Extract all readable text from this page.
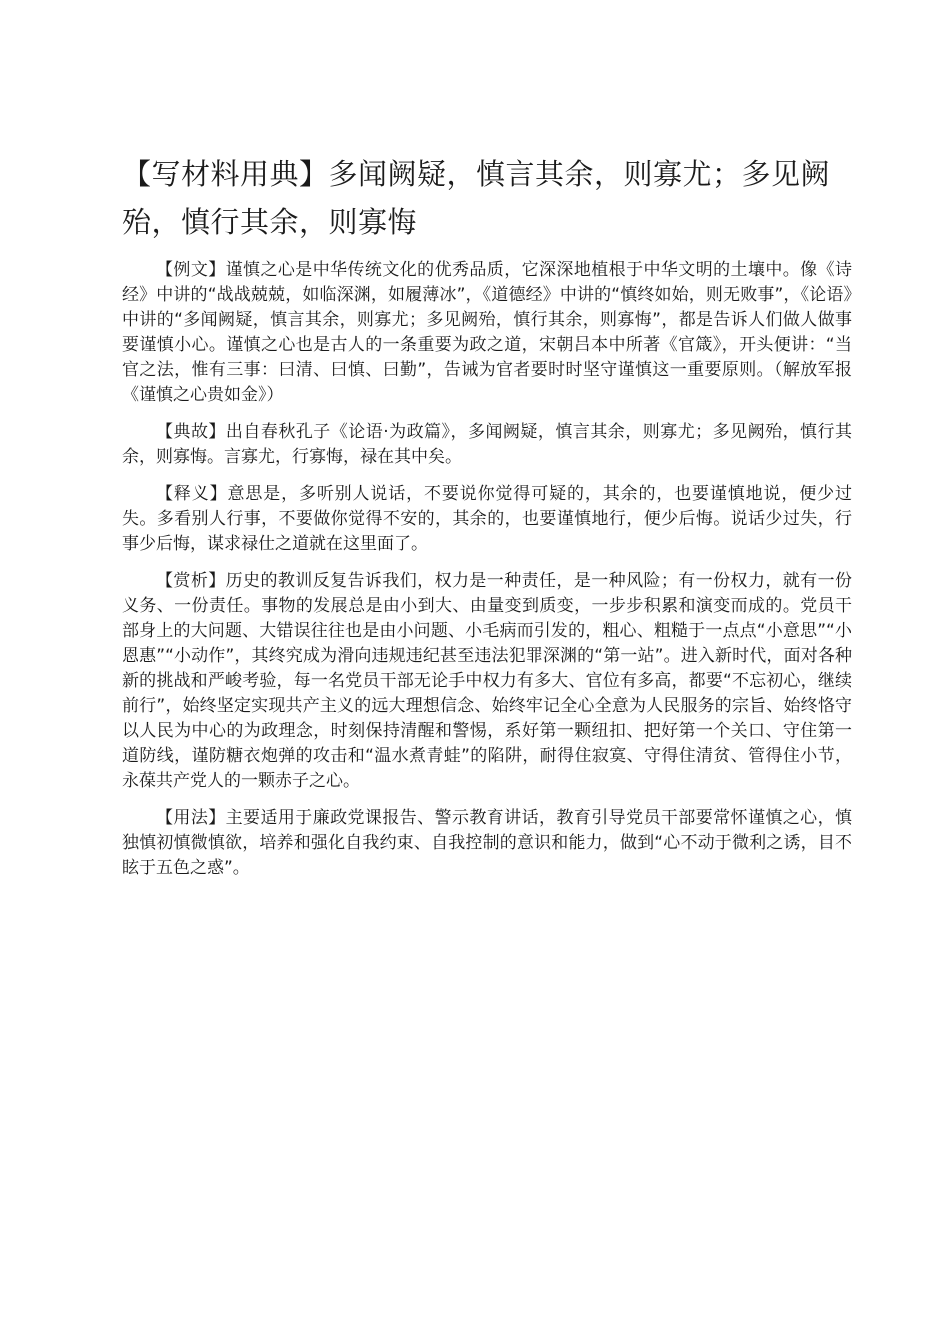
【写材料用典】多闻阙疑，慎言其余，则寡尤；多见阙殆，慎行其余，则寡悔

【例文】谨慎之心是中华传统文化的优秀品质，它深深地植根于中华文明的土壤中。像《诗经》中讲的“战战兢兢，如临深渊，如履薄冰”，《道德经》中讲的“慎终如始，则无败事”，《论语》中讲的“多闻阙疑，慎言其余，则寡尤；多见阙殆，慎行其余，则寡悔”，都是告诉人们做人做事要谨慎小心。谨慎之心也是古人的一条重要为政之道，宋朝吕本中所著《官箴》，开头便讲：“当官之法，惟有三事：曰清、曰慎、曰勤”，告诫为官者要时时坚守谨慎这一重要原则。（解放军报《谨慎之心贵如金》）

【典故】出自春秋孔子《论语·为政篇》，多闻阙疑，慎言其余，则寡尤；多见阙殆，慎行其余，则寡悔。言寡尤，行寡悔，禄在其中矣。

【释义】意思是，多听别人说话，不要说你觉得可疑的，其余的，也要谨慎地说，便少过失。多看别人行事，不要做你觉得不安的，其余的，也要谨慎地行，便少后悔。说话少过失，行事少后悔，谋求禄仕之道就在这里面了。

【赏析】历史的教训反复告诉我们，权力是一种责任，是一种风险；有一份权力，就有一份义务、一份责任。事物的发展总是由小到大、由量变到质变，一步步积累和演变而成的。党员干部身上的大问题、大错误往往也是由小问题、小毛病而引发的，粗心、粗糙于一点点“小意思”“小恩惠”“小动作”，其终究成为滑向违规违纪甚至违法犯罪深渊的“第一站”。进入新时代，面对各种新的挑战和严峻考验，每一名党员干部无论手中权力有多大、官位有多高，都要“不忘初心，继续前行”，始终坚定实现共产主义的远大理想信念、始终牢记全心全意为人民服务的宗旨、始终恪守以人民为中心的为政理念，时刻保持清醒和警惕，系好第一颗纽扣、把好第一个关口、守住第一道防线，谨防糖衣炮弹的攻击和“温水煮青蛙”的陷阱，耐得住寂寞、守得住清贫、管得住小节，永葆共产党人的一颗赤子之心。

【用法】主要适用于廉政党课报告、警示教育讲话，教育引导党员干部要常怀谨慎之心，慎独慎初慎微慎欲，培养和强化自我约束、自我控制的意识和能力，做到“心不动于微利之诱，目不眩于五色之惑”。
